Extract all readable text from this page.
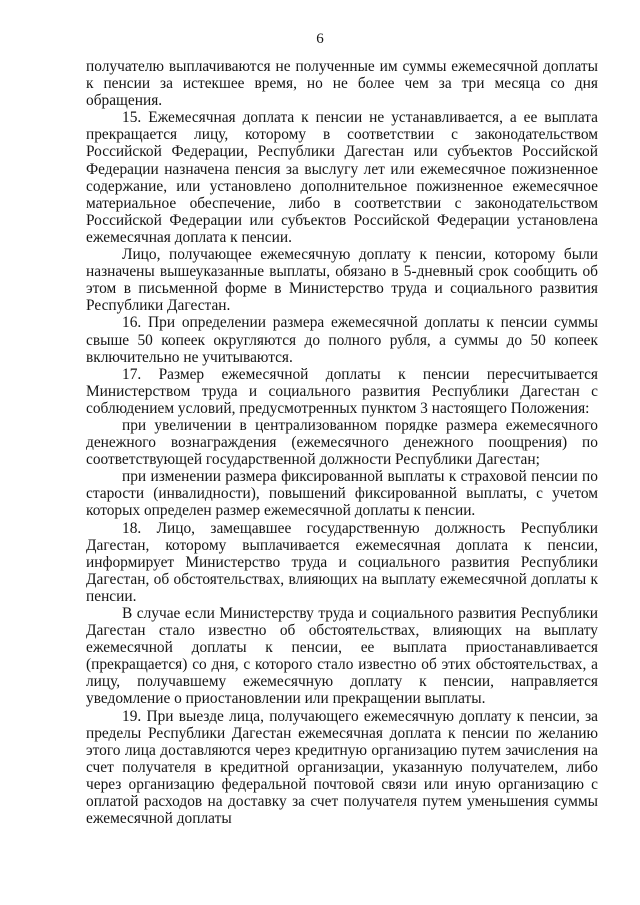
6

получателю выплачиваются не полученные им суммы ежемесячной доплаты к пенсии за истекшее время, но не более чем за три месяца со дня обращения.

15. Ежемесячная доплата к пенсии не устанавливается, а ее выплата прекращается лицу, которому в соответствии с законодательством Российской Федерации, Республики Дагестан или субъектов Российской Федерации назначена пенсия за выслугу лет или ежемесячное пожизненное содержание, или установлено дополнительное пожизненное ежемесячное материальное обеспечение, либо в соответствии с законодательством Российской Федерации или субъектов Российской Федерации установлена ежемесячная доплата к пенсии.

Лицо, получающее ежемесячную доплату к пенсии, которому были назначены вышеуказанные выплаты, обязано в 5-дневный срок сообщить об этом в письменной форме в Министерство труда и социального развития Республики Дагестан.

16. При определении размера ежемесячной доплаты к пенсии суммы свыше 50 копеек округляются до полного рубля, а суммы до 50 копеек включительно не учитываются.

17. Размер ежемесячной доплаты к пенсии пересчитывается Министерством труда и социального развития Республики Дагестан с соблюдением условий, предусмотренных пунктом 3 настоящего Положения:

при увеличении в централизованном порядке размера ежемесячного денежного вознаграждения (ежемесячного денежного поощрения) по соответствующей государственной должности Республики Дагестан;

при изменении размера фиксированной выплаты к страховой пенсии по старости (инвалидности), повышений фиксированной выплаты, с учетом которых определен размер ежемесячной доплаты к пенсии.

18. Лицо, замещавшее государственную должность Республики Дагестан, которому выплачивается ежемесячная доплата к пенсии, информирует Министерство труда и социального развития Республики Дагестан, об обстоятельствах, влияющих на выплату ежемесячной доплаты к пенсии.

В случае если Министерству труда и социального развития Республики Дагестан стало известно об обстоятельствах, влияющих на выплату ежемесячной доплаты к пенсии, ее выплата приостанавливается (прекращается) со дня, с которого стало известно об этих обстоятельствах, а лицу, получавшему ежемесячную доплату к пенсии, направляется уведомление о приостановлении или прекращении выплаты.

19. При выезде лица, получающего ежемесячную доплату к пенсии, за пределы Республики Дагестан ежемесячная доплата к пенсии по желанию этого лица доставляются через кредитную организацию путем зачисления на счет получателя в кредитной организации, указанную получателем, либо через организацию федеральной почтовой связи или иную организацию с оплатой расходов на доставку за счет получателя путем уменьшения суммы ежемесячной доплаты
